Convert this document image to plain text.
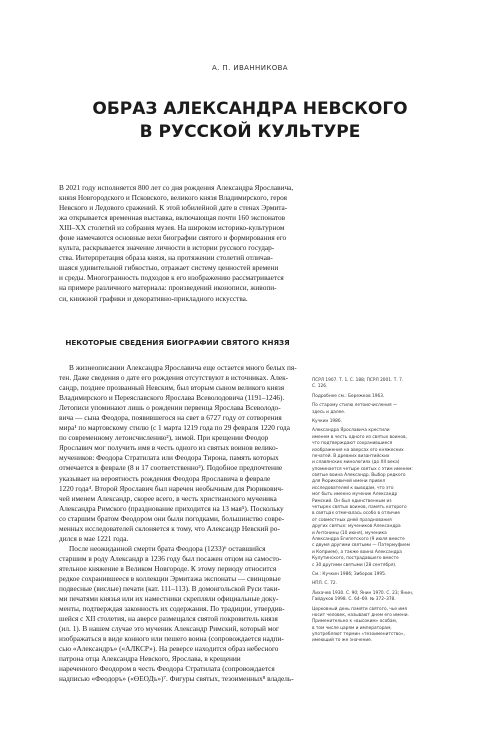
А. П. ИВАННИКОВА
ОБРАЗ АЛЕКСАНДРА НЕВСКОГО
В РУССКОЙ КУЛЬТУРЕ
В 2021 году исполняется 800 лет со дня рождения Александра Ярославича,
князя Новгородского и Псковского, великого князя Владимирского, героя
Невского и Ледового сражений. К этой юбилейной дате в стенах Эрмита-
жа открывается временная выставка, включающая почти 160 экспонатов
XIII–XX столетий из собрания музея. На широком историко-культурном
фоне намечаются основные вехи биографии святого и формирования его
культа, раскрывается значение личности в истории русского государ-
ства. Интерпретация образа князя, на протяжении столетий отличав-
шаяся удивительной гибкостью, отражает систему ценностей времени
и среды. Многогранность подходов к его изображению рассматривается
на примере различного материала: произведений иконописи, живопи-
си, книжной графики и декоративно-прикладного искусства.
НЕКОТОРЫЕ СВЕДЕНИЯ БИОГРАФИИ СВЯТОГО КНЯЗЯ
В жизнеописании Александра Ярославича еще остается много белых пя-
тен. Даже сведения о дате его рождения отсутствуют в источниках. Алек-
сандр, позднее прозванный Невским, был вторым сыном великого князя
Владимирского и Переяславского Ярослава Всеволодовича (1191–1246).
Летописи упоминают лишь о рождении первенца Ярослава Всеволодо-
вича — сына Феодора, появившегося на свет в 6727 году от сотворения
мира¹ по мартовскому стилю (с 1 марта 1219 года по 29 февраля 1220 года
по современному летоисчислению²), зимой. При крещении Феодор
Ярославич мог получить имя в честь одного из святых воинов велико-
мучеников: Феодора Стратилата или Феодора Тирона, память которых
отмечается в феврале (8 и 17 соответственно³). Подобное предпочтение
указывает на вероятность рождения Феодора Ярославича в феврале
1220 года⁴. Второй Ярославич был наречен необычным для Рюрикович-
чей именем Александр, скорее всего, в честь христианского мученика
Александра Римского (празднование приходится на 13 мая⁵). Поскольку
со старшим братом Феодором они были погодками, большинство совре-
менных исследователей склоняется к тому, что Александр Невский ро-
дился в мае 1221 года.
После неожиданной смерти брата Феодора (1233)⁶ оставшийся
старшим в роду Александр в 1236 году был посажен отцом на самосто-
ятельное княжение в Великом Новгороде. К этому периоду относится
редкое сохранившееся в коллекции Эрмитажа экспонаты — свинцовые
подвесные (вислые) печати (кат. 111–113). В домонгольской Руси таки-
ми печатями князья или их наместники скрепляли официальные доку-
менты, подтверждая законность их содержания. По традиции, утвердив-
шейся с XII столетия, на аверсе размещался святой покровитель князя
(ил. 1). В нашем случае это мученик Александр Римский, который мог
изображаться в виде конного или пешего воина (сопровождается надпи-
сью «Александръ» («АЛКСР»). На реверсе находится образ небесного
патрона отца Александра Невского, Ярослава, в крещении
нареченного Феодором в честь Феодора Стратилата (сопровождается
надписью «Феодоръ» («ӨЕОДъ»)⁷. Фигуры святых, тезоименных⁸ владель-
ПСРЛ 1907. Т. 1. С. 188; ПСРЛ 2001. Т. 7.
С. 126.
Подробнее см.: Бережков 1963.
По старому стилю летоисчисления —
здесь и далее.
Кучкин 1986.
Александра Ярославича крестили
именем в честь одного из святых воинов,
что подтверждают сохранившиеся
изображения на аверсах его княжеских
печатей. В древних византийских
и славянских минологиях (до XII века)
упоминается четыре святых с этим именем:
святые воина Александр. Выбор редкого
для Рюриковичей имени привел
исследователей к выводам, что это
мог быть именно мученик Александр
Римский. Он был единственным из
четырех святых воинов, память которого
в святцах отмечалась особо в отличие
от совместных дней празднования
других святых: мучеников Александра
и Антонины (10 июня), мученика
Александра Египетского (9 июля вместе
с двумя другими святыми — Патермуфием
и Коприем), а также воина Александра
Кулутинского, пострадавшего вместе
с 30 другими святыми (28 сентября).
См.: Кучкин 1986; Зиборов 1995.
НПЛ. С. 72.
Лихачев 1930. С. 90; Янин 1970. С. 23; Янин,
Гайдуков 1998. С. 64–69. № 372–378.
Церковный день памяти святого, чье имя
носит человек, называют днем его имени.
Применительно к «высоким» особам,
в том числе царям и императорам,
употребляют термин «тезоименитство»,
имеющий то же значение.
